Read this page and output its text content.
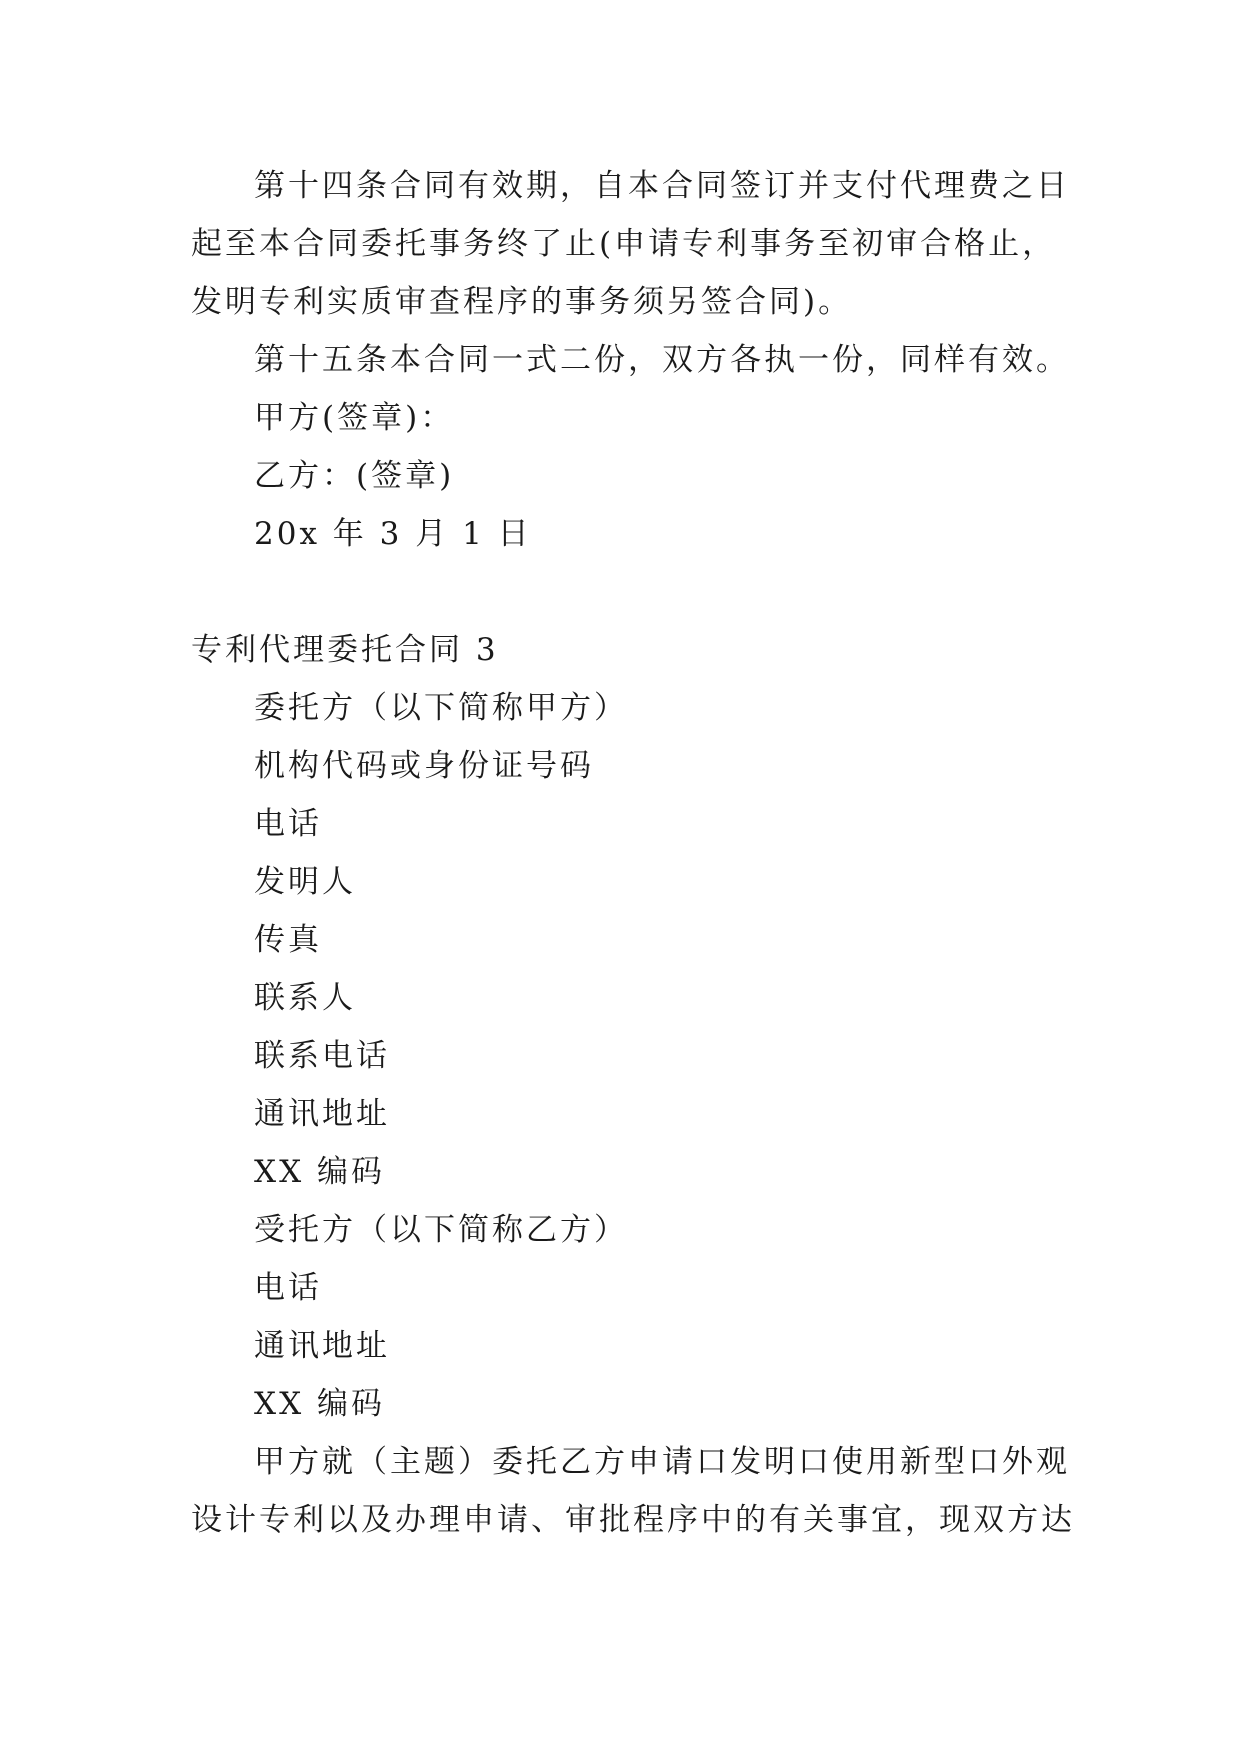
第十四条合同有效期，自本合同签订并支付代理费之日
起至本合同委托事务终了止(申请专利事务至初审合格止，
发明专利实质审查程序的事务须另签合同)。
第十五条本合同一式二份，双方各执一份，同样有效。
甲方(签章)：
乙方：(签章)
20x 年 3 月 1 日
专利代理委托合同 3
委托方（以下简称甲方）
机构代码或身份证号码
电话
发明人
传真
联系人
联系电话
通讯地址
XX 编码
受托方（以下简称乙方）
电话
通讯地址
XX 编码
甲方就（主题）委托乙方申请口发明口使用新型口外观
设计专利以及办理申请、审批程序中的有关事宜，现双方达
